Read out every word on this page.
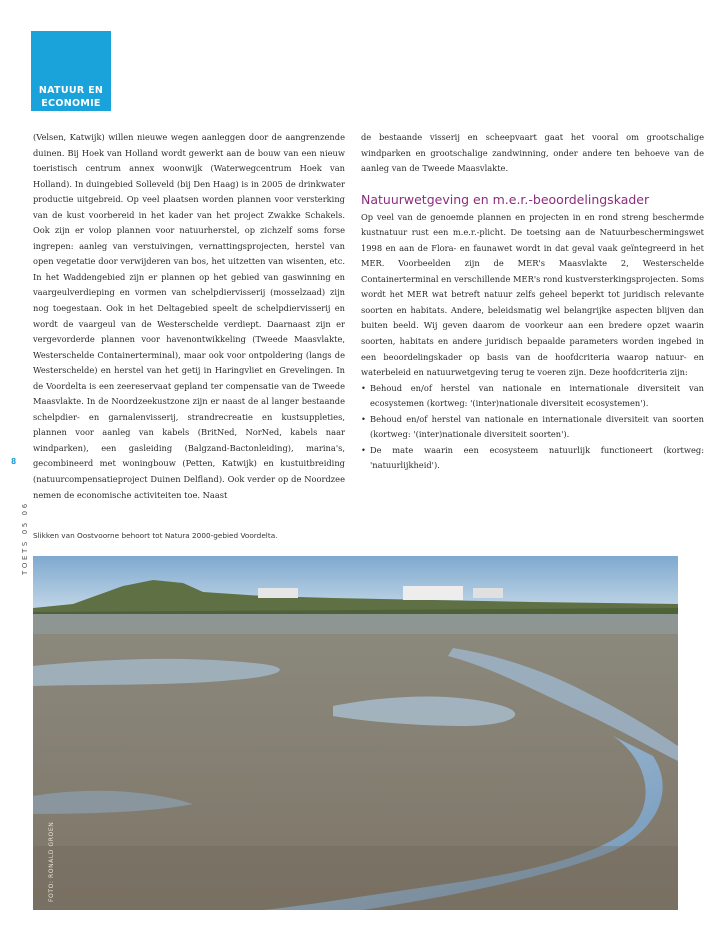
NATUUR EN
ECONOMIE

(Velsen, Katwijk) willen nieuwe wegen aanleggen door de aangrenzende duinen. Bij Hoek van Holland wordt gewerkt aan de bouw van een nieuw toeristisch centrum annex woonwijk (Waterwegcentrum Hoek van Holland). In duingebied Solleveld (bij Den Haag) is in 2005 de drinkwater productie uitgebreid. Op veel plaatsen worden plannen voor versterking van de kust voorbereid in het kader van het project Zwakke Schakels. Ook zijn er volop plannen voor natuurherstel, op zichzelf soms forse ingrepen: aanleg van verstuivingen, vernattingsprojecten, herstel van open vegetatie door verwijderen van bos, het uitzetten van wisenten, etc. In het Waddengebied zijn er plannen op het gebied van gaswinning en vaargeulverdieping en vormen van schelpdiervisserij (mosselzaad) zijn nog toegestaan. Ook in het Deltagebied speelt de schelpdiervisserij en wordt de vaargeul van de Westerschelde verdiept. Daarnaast zijn er vergevorderde plannen voor havenontwikkeling (Tweede Maasvlakte, Westerschelde Containerterminal), maar ook voor ontpoldering (langs de Westerschelde) en herstel van het getij in Haringvliet en Grevelingen. In de Voordelta is een zeereservaat gepland ter compensatie van de Tweede Maasvlakte. In de Noordzeekustzone zijn er naast de al langer bestaande schelpdier- en garnalenvisserij, strandrecreatie en kustsuppleties, plannen voor aanleg van kabels (BritNed, NorNed, kabels naar windparken), een gasleiding (Balgzand-Bactonleiding), marina's, gecombineerd met woningbouw (Petten, Katwijk) en kustuitbreiding (natuurcompensatieproject Duinen Delfland). Ook verder op de Noordzee nemen de economische activiteiten toe. Naast

de bestaande visserij en scheepvaart gaat het vooral om grootschalige windparken en grootschalige zandwinning, onder andere ten behoeve van de aanleg van de Tweede Maasvlakte.

Natuurwetgeving en m.e.r.-beoordelingskader

Op veel van de genoemde plannen en projecten in en rond streng beschermde kustnatuur rust een m.e.r.-plicht. De toetsing aan de Natuurbeschermingswet 1998 en aan de Flora- en faunawet wordt in dat geval vaak geïntegreerd in het MER. Voorbeelden zijn de MER's Maasvlakte 2, Westerschelde Containerterminal en verschillende MER's rond kustversterkingsprojecten. Soms wordt het MER wat betreft natuur zelfs geheel beperkt tot juridisch relevante soorten en habitats. Andere, beleidsmatig wel belangrijke aspecten blijven dan buiten beeld. Wij geven daarom de voorkeur aan een bredere opzet waarin soorten, habitats en andere juridisch bepaalde parameters worden ingebed in een beoordelingskader op basis van de hoofdcriteria waarop natuur- en waterbeleid en natuurwetgeving terug te voeren zijn. Deze hoofdcriteria zijn:

• Behoud en/of herstel van nationale en internationale diversiteit van ecosystemen (kortweg: '(inter)nationale diversiteit ecosystemen').
• Behoud en/of herstel van nationale en internationale diversiteit van soorten (kortweg: '(inter)nationale diversiteit soorten').
• De mate waarin een ecosysteem natuurlijk functioneert (kortweg: 'natuurlijkheid').
8
TOETS 05 06 Slikken van Oostvoorne behoort tot Natura 2000-gebied Voordelta.
FOTO: RONALD GROEN
